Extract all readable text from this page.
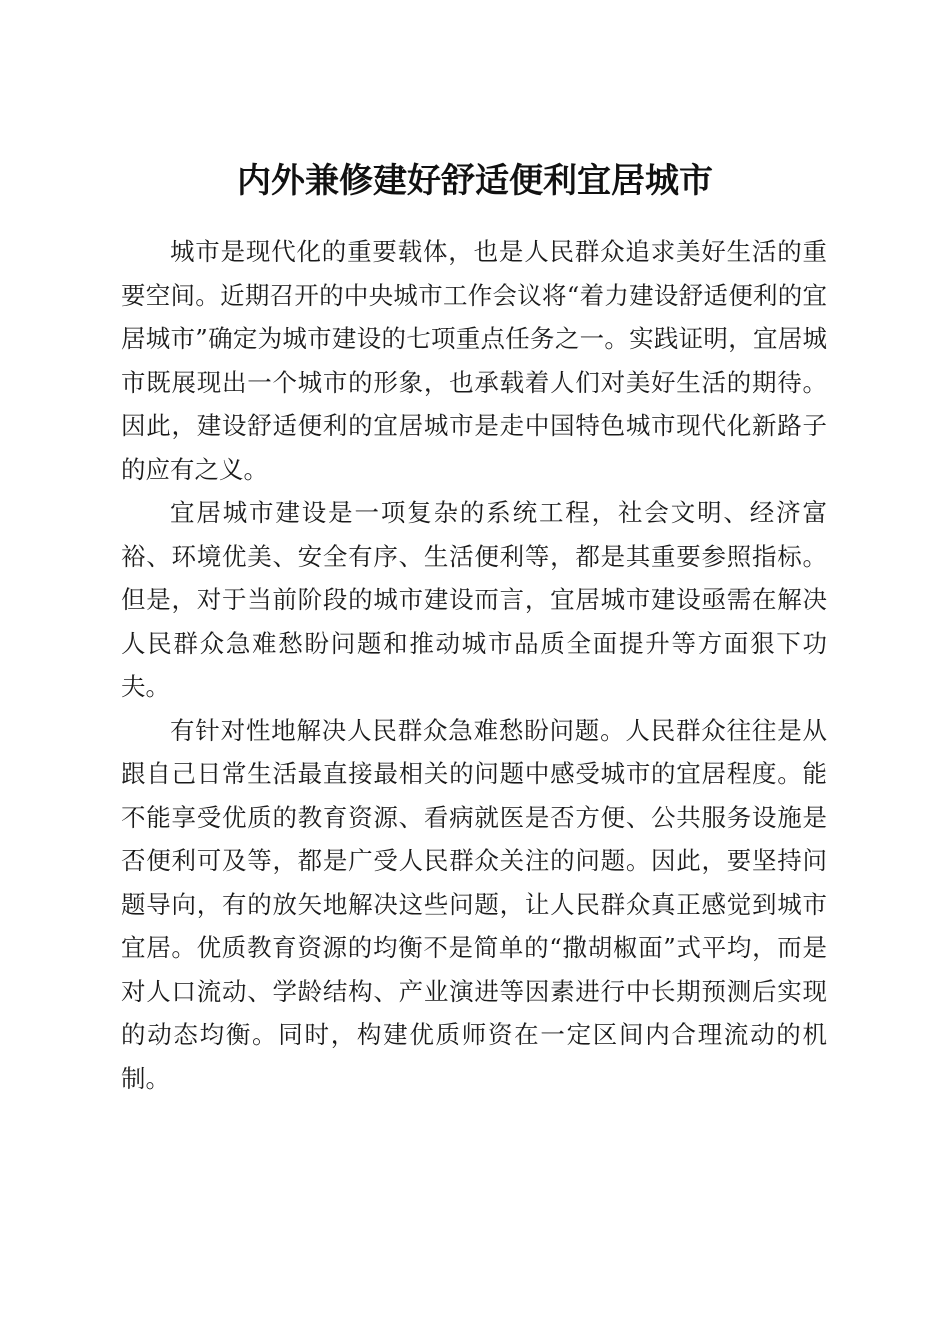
内外兼修建好舒适便利宜居城市

城市是现代化的重要载体，也是人民群众追求美好生活的重要空间。近期召开的中央城市工作会议将“着力建设舒适便利的宜居城市”确定为城市建设的七项重点任务之一。实践证明，宜居城市既展现出一个城市的形象，也承载着人们对美好生活的期待。因此，建设舒适便利的宜居城市是走中国特色城市现代化新路子的应有之义。

宜居城市建设是一项复杂的系统工程，社会文明、经济富裕、环境优美、安全有序、生活便利等，都是其重要参照指标。但是，对于当前阶段的城市建设而言，宜居城市建设亟需在解决人民群众急难愁盼问题和推动城市品质全面提升等方面狠下功夫。

有针对性地解决人民群众急难愁盼问题。人民群众往往是从跟自己日常生活最直接最相关的问题中感受城市的宜居程度。能不能享受优质的教育资源、看病就医是否方便、公共服务设施是否便利可及等，都是广受人民群众关注的问题。因此，要坚持问题导向，有的放矢地解决这些问题，让人民群众真正感觉到城市宜居。优质教育资源的均衡不是简单的“撒胡椒面”式平均，而是对人口流动、学龄结构、产业演进等因素进行中长期预测后实现的动态均衡。同时，构建优质师资在一定区间内合理流动的机制。
